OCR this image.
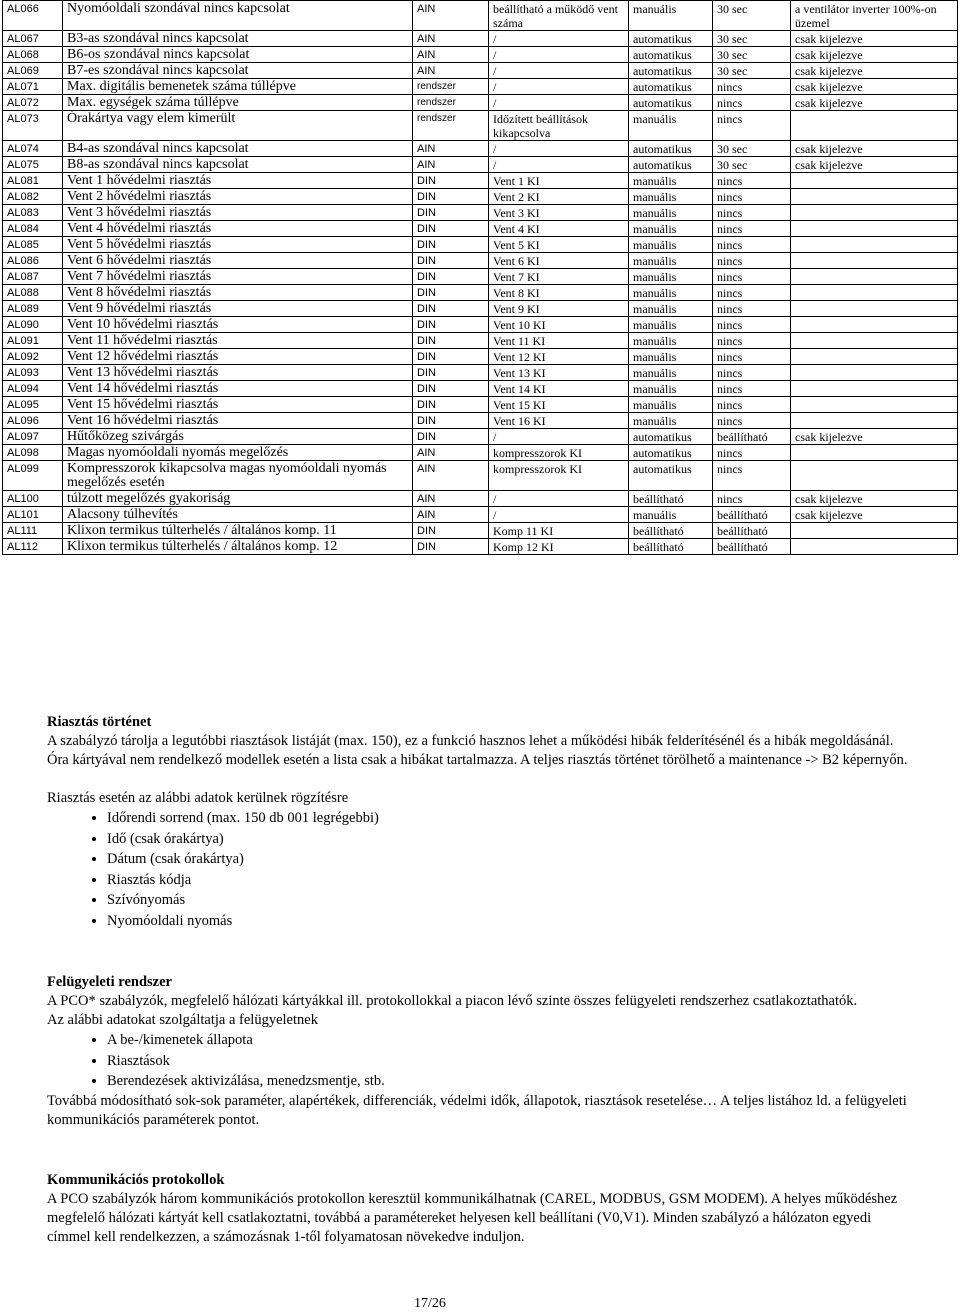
AL066	Nyomóoldali szondával nincs kapcsolat	AIN	beállítható a működő vent száma	manuális	30 sec	a ventilátor inverter 100%-on üzemel
AL067	B3-as szondával nincs kapcsolat	AIN	/	automatikus	30 sec	csak kijelezve
AL068	B6-os szondával nincs kapcsolat	AIN	/	automatikus	30 sec	csak kijelezve
AL069	B7-es szondával nincs kapcsolat	AIN	/	automatikus	30 sec	csak kijelezve
AL071	Max. digitális bemenetek száma túllépve	rendszer	/	automatikus	nincs	csak kijelezve
AL072	Max. egységek száma túllépve	rendszer	/	automatikus	nincs	csak kijelezve
AL073	Órakártya vagy elem kimerült	rendszer	Időzített beállítások kikapcsolva	manuális	nincs	
AL074	B4-as szondával nincs kapcsolat	AIN	/	automatikus	30 sec	csak kijelezve
AL075	B8-as szondával nincs kapcsolat	AIN	/	automatikus	30 sec	csak kijelezve
AL081	Vent 1 hővédelmi riasztás	DIN	Vent 1 KI	manuális	nincs	
AL082	Vent 2 hővédelmi riasztás	DIN	Vent 2 KI	manuális	nincs	
AL083	Vent 3 hővédelmi riasztás	DIN	Vent 3 KI	manuális	nincs	
AL084	Vent 4 hővédelmi riasztás	DIN	Vent 4 KI	manuális	nincs	
AL085	Vent 5 hővédelmi riasztás	DIN	Vent 5 KI	manuális	nincs	
AL086	Vent 6 hővédelmi riasztás	DIN	Vent 6 KI	manuális	nincs	
AL087	Vent 7 hővédelmi riasztás	DIN	Vent 7 KI	manuális	nincs	
AL088	Vent 8 hővédelmi riasztás	DIN	Vent 8 KI	manuális	nincs	
AL089	Vent 9 hővédelmi riasztás	DIN	Vent 9 KI	manuális	nincs	
AL090	Vent 10 hővédelmi riasztás	DIN	Vent 10 KI	manuális	nincs	
AL091	Vent 11 hővédelmi riasztás	DIN	Vent 11 KI	manuális	nincs	
AL092	Vent 12 hővédelmi riasztás	DIN	Vent 12 KI	manuális	nincs	
AL093	Vent 13 hővédelmi riasztás	DIN	Vent 13 KI	manuális	nincs	
AL094	Vent 14 hővédelmi riasztás	DIN	Vent 14 KI	manuális	nincs	
AL095	Vent 15 hővédelmi riasztás	DIN	Vent 15 KI	manuális	nincs	
AL096	Vent 16 hővédelmi riasztás	DIN	Vent 16 KI	manuális	nincs	
AL097	Hűtőközeg szivárgás	DIN	/	automatikus	beállítható	csak kijelezve
AL098	Magas nyomóoldali nyomás megelőzés	AIN	kompresszorok KI	automatikus	nincs	
AL099	Kompresszorok kikapcsolva magas nyomóoldali nyomás megelőzés esetén	AIN	kompresszorok KI	automatikus	nincs	
AL100	túlzott megelőzés gyakoriság	AIN	/	beállítható	nincs	csak kijelezve
AL101	Alacsony túlhevítés	AIN	/	manuális	beállítható	csak kijelezve
AL111	Klixon termikus túlterhelés / általános komp. 11	DIN	Komp 11 KI	beállítható	beállítható	
AL112	Klixon termikus túlterhelés / általános komp. 12	DIN	Komp 12 KI	beállítható	beállítható	

Riasztás történet

A szabályzó tárolja a legutóbbi riasztások listáját (max. 150), ez a funkció hasznos lehet a működési hibák felderítésénél és a hibák megoldásánál. Óra kártyával nem rendelkező modellek esetén a lista csak a hibákat tartalmazza. A teljes riasztás történet törölhető a maintenance -> B2 képernyőn.

Riasztás esetén az alábbi adatok kerülnek rögzítésre

• Időrendi sorrend (max. 150 db 001 legrégebbi)
• Idő (csak órakártya)
• Dátum (csak órakártya)
• Riasztás kódja
• Szívónyomás
• Nyomóoldali nyomás

Felügyeleti rendszer

A PCO* szabályzók, megfelelő hálózati kártyákkal ill. protokollokkal a piacon lévő szinte összes felügyeleti rendszerhez csatlakoztathatók.

Az alábbi adatokat szolgáltatja a felügyeletnek

• A be-/kimenetek állapota
• Riasztások
• Berendezések aktivizálása, menedzsmentje, stb.

Továbbá módosítható sok-sok paraméter, alapértékek, differenciák, védelmi idők, állapotok, riasztások resetelése… A teljes listához ld. a felügyeleti kommunikációs paraméterek pontot.

Kommunikációs protokollok

A PCO szabályzók három kommunikációs protokollon keresztül kommunikálhatnak (CAREL, MODBUS, GSM MODEM). A helyes működéshez megfelelő hálózati kártyát kell csatlakoztatni, továbbá a paramétereket helyesen kell beállítani (V0,V1). Minden szabályzó a hálózaton egyedi címmel kell rendelkezzen, a számozásnak 1-től folyamatosan növekedve induljon.

17/26
